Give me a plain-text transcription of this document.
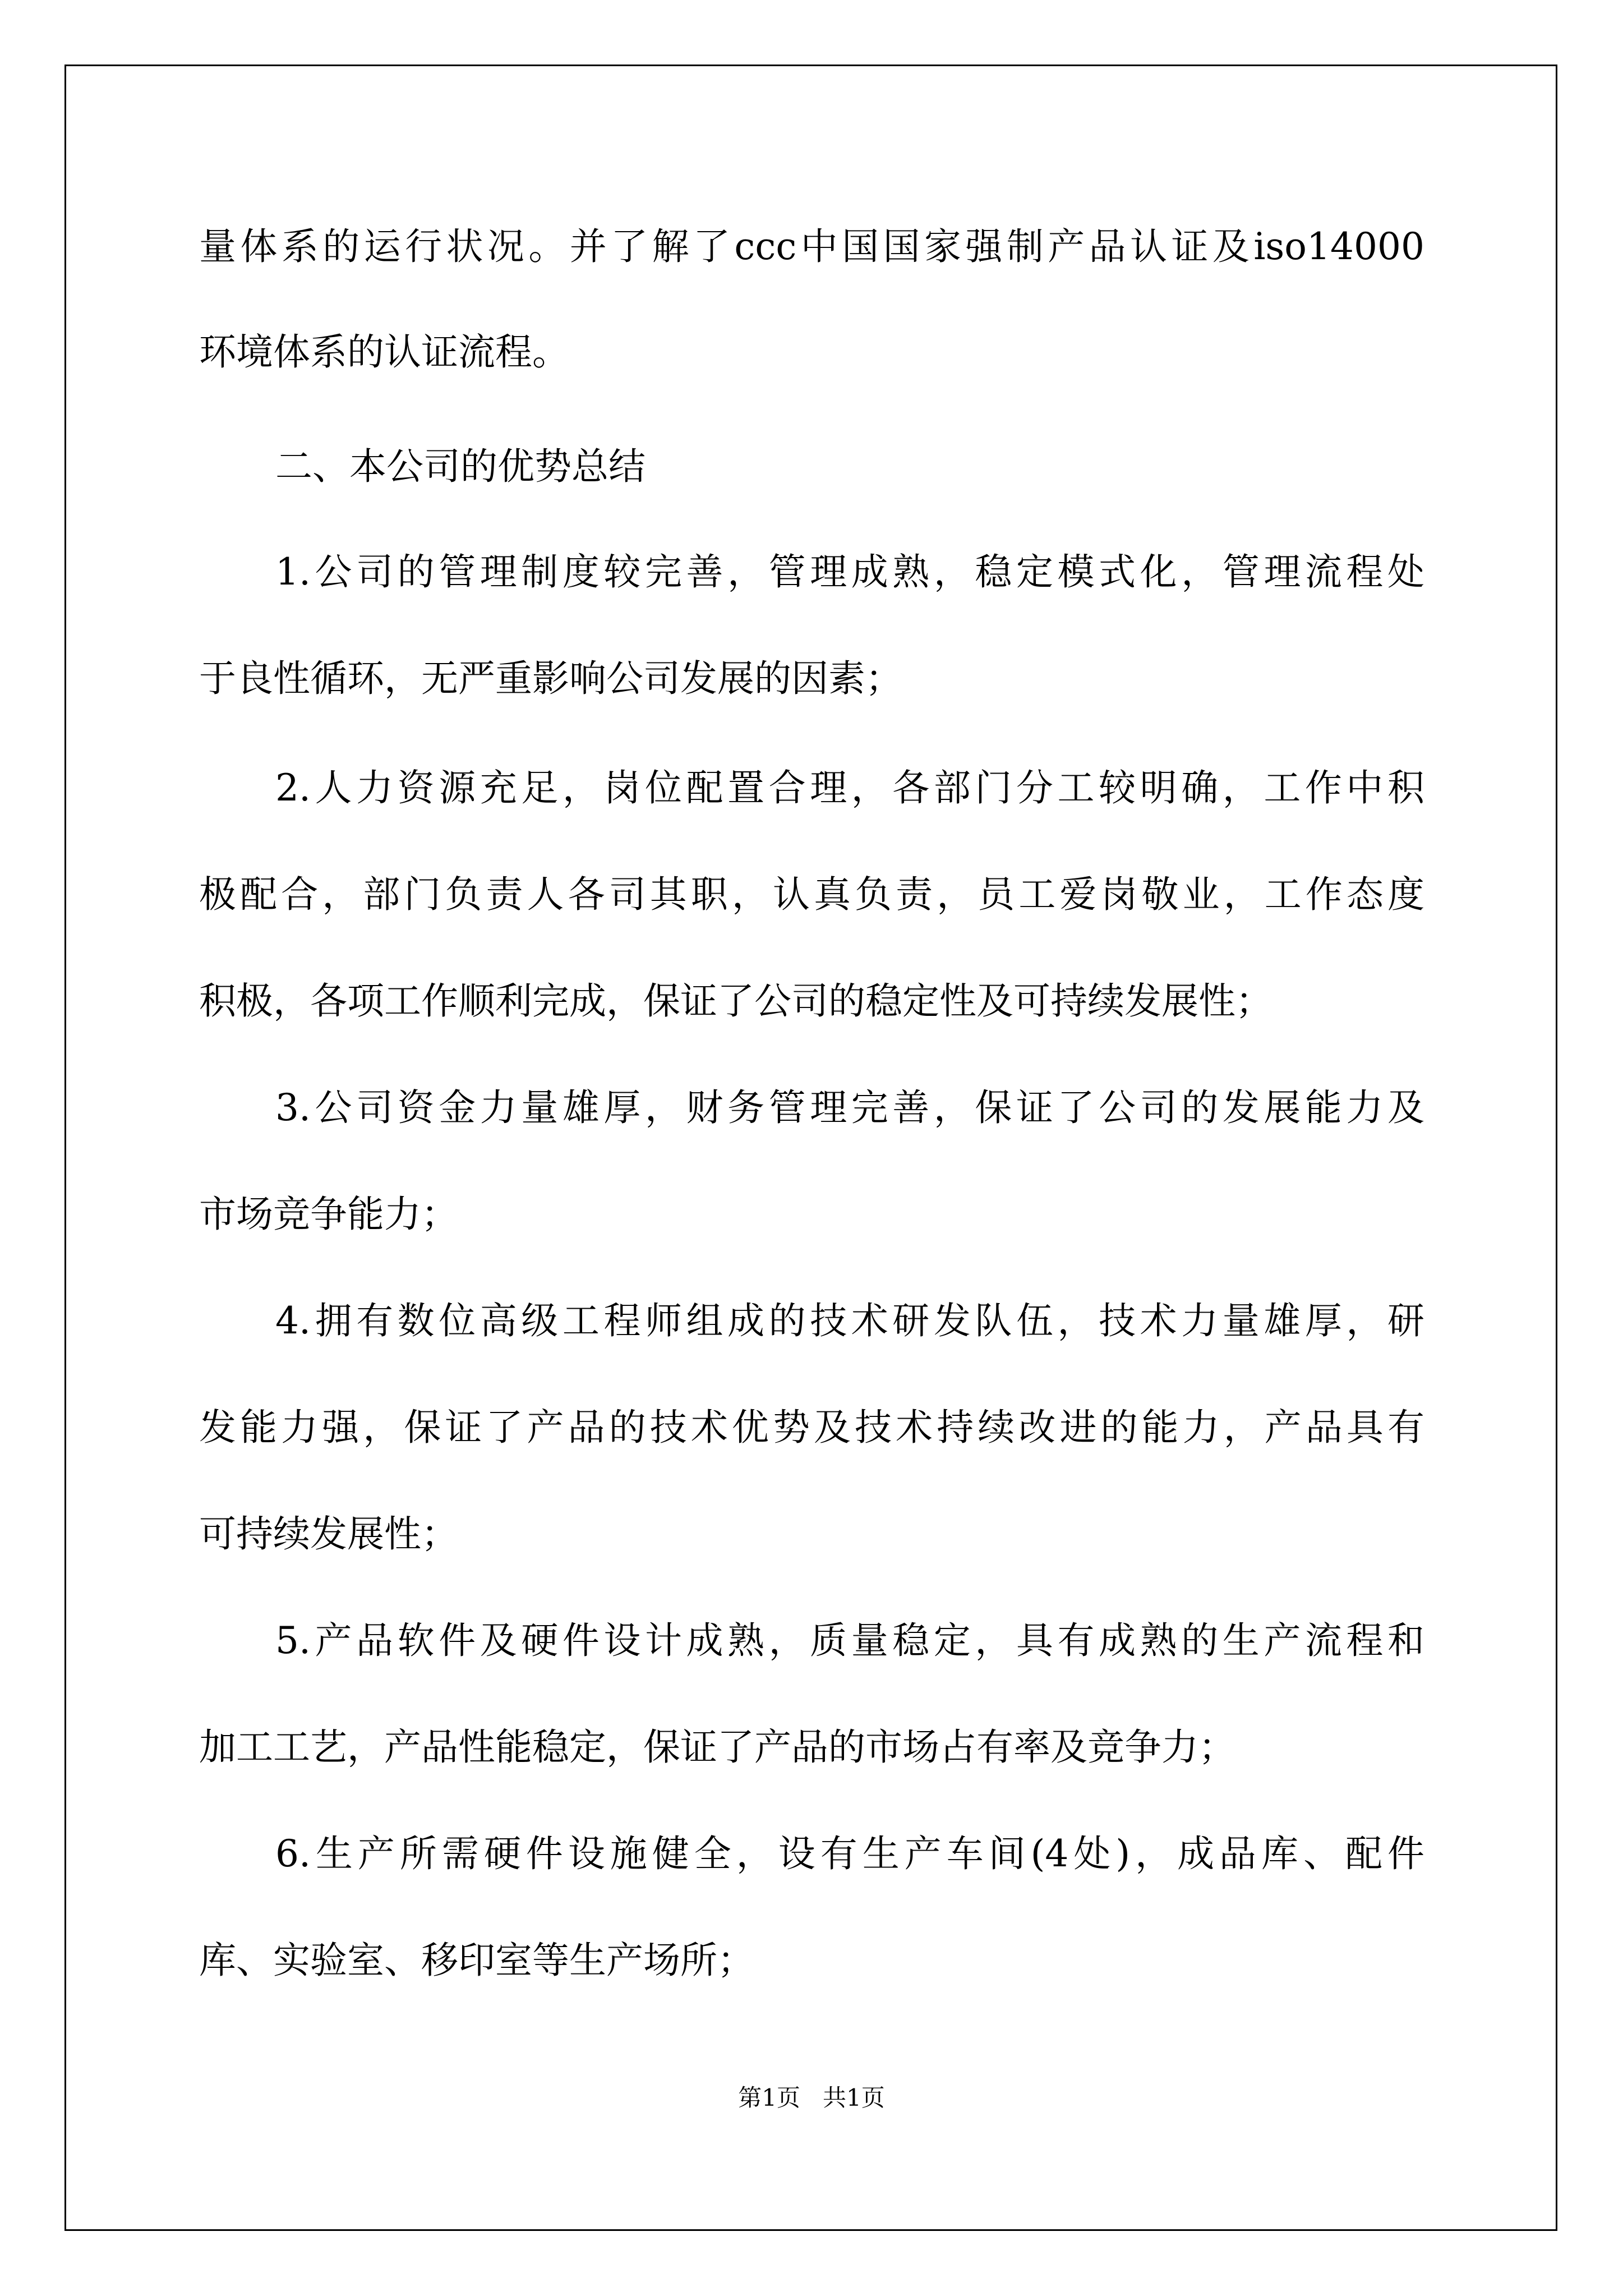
量体系的运行状况。并了解了ccc中国国家强制产品认证及iso14000
环境体系的认证流程。
二、本公司的优势总结
1.公司的管理制度较完善，管理成熟，稳定模式化，管理流程处
于良性循环，无严重影响公司发展的因素；
2.人力资源充足，岗位配置合理，各部门分工较明确，工作中积
极配合，部门负责人各司其职，认真负责，员工爱岗敬业，工作态度
积极，各项工作顺利完成，保证了公司的稳定性及可持续发展性；
3.公司资金力量雄厚，财务管理完善，保证了公司的发展能力及
市场竞争能力；
4.拥有数位高级工程师组成的技术研发队伍，技术力量雄厚，研
发能力强，保证了产品的技术优势及技术持续改进的能力，产品具有
可持续发展性；
5.产品软件及硬件设计成熟，质量稳定，具有成熟的生产流程和
加工工艺，产品性能稳定，保证了产品的市场占有率及竞争力；
6.生产所需硬件设施健全，设有生产车间(4处)，成品库、配件
库、实验室、移印室等生产场所；
第1页   共1页
